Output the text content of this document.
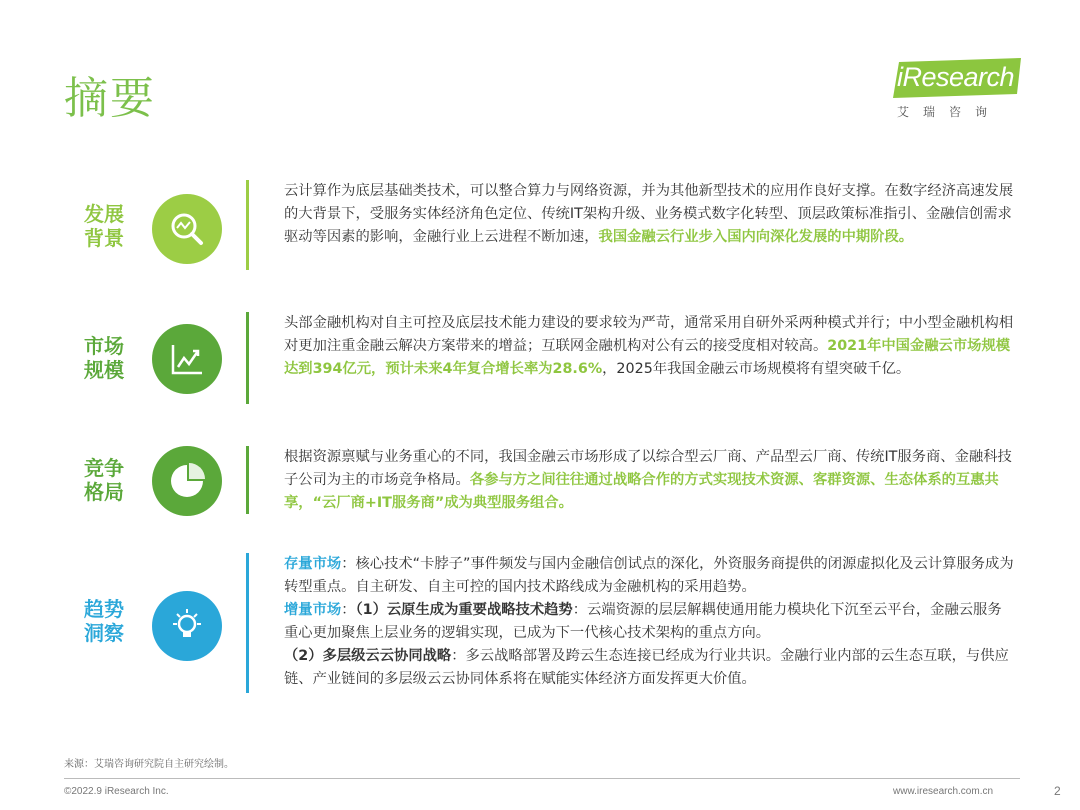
摘要	iResearch
艾瑞咨询
发展背景
云计算作为底层基础类技术，可以整合算力与网络资源，并为其他新型技术的应用作良好支撑。在数字经济高速发展的大背景下，受服务实体经济角色定位、传统IT架构升级、业务模式数字化转型、顶层政策标准指引、金融信创需求驱动等因素的影响，金融行业上云进程不断加速，我国金融云行业步入国内向深化发展的中期阶段。
市场规模
头部金融机构对自主可控及底层技术能力建设的要求较为严苛，通常采用自研外采两种模式并行；中小型金融机构相对更加注重金融云解决方案带来的增益；互联网金融机构对公有云的接受度相对较高。2021年中国金融云市场规模达到394亿元，预计未来4年复合增长率为28.6%，2025年我国金融云市场规模将有望突破千亿。
竞争格局
根据资源禀赋与业务重心的不同，我国金融云市场形成了以综合型云厂商、产品型云厂商、传统IT服务商、金融科技子公司为主的市场竞争格局。各参与方之间往往通过战略合作的方式实现技术资源、客群资源、生态体系的互惠共享，“云厂商+IT服务商”成为典型服务组合。
趋势洞察
存量市场：核心技术“卡脖子”事件频发与国内金融信创试点的深化，外资服务商提供的闭源虚拟化及云计算服务成为转型重点。自主研发、自主可控的国内技术路线成为金融机构的采用趋势。
增量市场：（1）云原生成为重要战略技术趋势：云端资源的层层解耦使通用能力模块化下沉至云平台，金融云服务重心更加聚焦上层业务的逻辑实现，已成为下一代核心技术架构的重点方向。
（2）多层级云云协同战略：多云战略部署及跨云生态连接已经成为行业共识。金融行业内部的云生态互联，与供应链、产业链间的多层级云云协同体系将在赋能实体经济方面发挥更大价值。
来源：艾瑞咨询研究院自主研究绘制。
©2022.9 iResearch Inc.	www.iresearch.com.cn	2
